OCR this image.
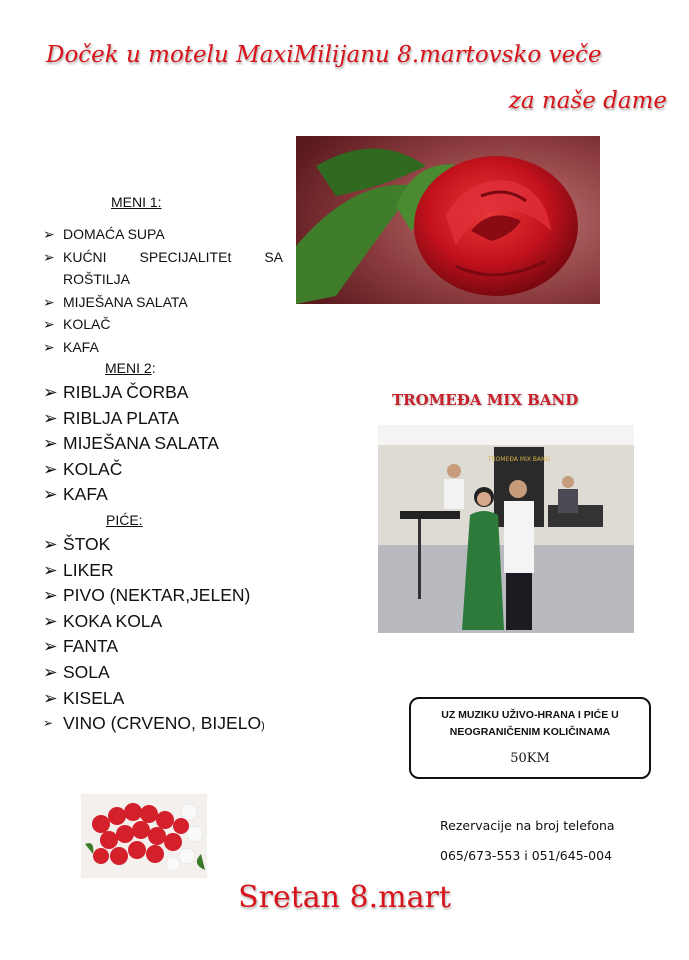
Doček u motelu MaxiMilijanu 8.martovsko veče
za naše dame
MENI 1:
➢ DOMAĆA SUPA
➢ KUĆNI SPECIJALITEt SA
ROŠTILJA
➢ MIJEŠANA SALATA
➢ KOLAČ
➢ KAFA
MENI 2:
➢ RIBLJA ČORBA
➢ RIBLJA PLATA
➢ MIJEŠANA SALATA
➢ KOLAČ
➢ KAFA
PIĆE:
➢ ŠTOK
➢ LIKER
➢ PIVO (NEKTAR,JELEN)
➢ KOKA KOLA
➢ FANTA
➢ SOLA
➢ KISELA
➢ VINO (CRVENO, BIJELO)
TROMEĐA MIX BAND
TROMEĐA MIX BAND
UZ MUZIKU UŽIVO-HRANA I PIĆE U
NEOGRANIČENIM KOLIČINAMA
50KM
Rezervacije na broj telefona
065/673-553 i 051/645-004
Sretan 8.mart
